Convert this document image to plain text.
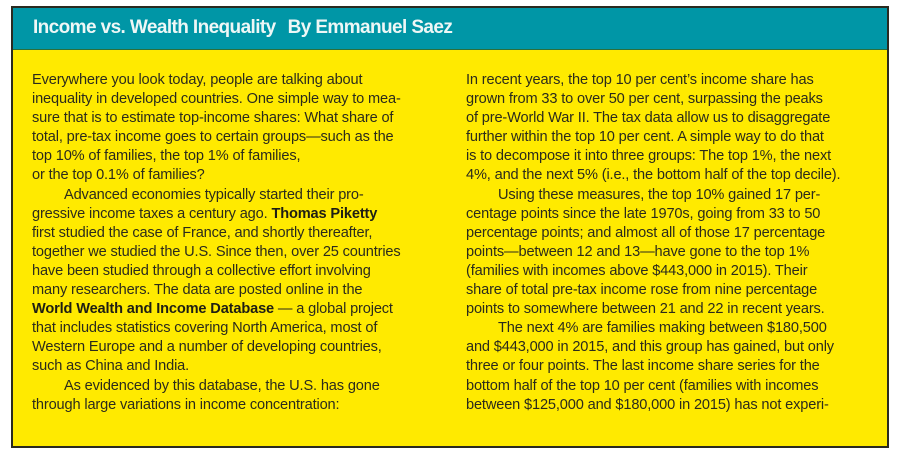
Income vs. Wealth Inequality By Emmanuel Saez
Everywhere you look today, people are talking about
inequality in developed countries. One simple way to mea-
sure that is to estimate top-income shares: What share of
total, pre-tax income goes to certain groups—such as the
top 10% of families, the top 1% of families,
or the top 0.1% of families?
Advanced economies typically started their pro-
gressive income taxes a century ago. Thomas Piketty
first studied the case of France, and shortly thereafter,
together we studied the U.S. Since then, over 25 countries
have been studied through a collective effort involving
many researchers. The data are posted online in the
World Wealth and Income Database — a global project
that includes statistics covering North America, most of
Western Europe and a number of developing countries,
such as China and India.
As evidenced by this database, the U.S. has gone
through large variations in income concentration:
In recent years, the top 10 per cent’s income share has
grown from 33 to over 50 per cent, surpassing the peaks
of pre-World War II. The tax data allow us to disaggregate
further within the top 10 per cent. A simple way to do that
is to decompose it into three groups: The top 1%, the next
4%, and the next 5% (i.e., the bottom half of the top decile).
Using these measures, the top 10% gained 17 per-
centage points since the late 1970s, going from 33 to 50
percentage points; and almost all of those 17 percentage
points—between 12 and 13—have gone to the top 1%
(families with incomes above $443,000 in 2015). Their
share of total pre-tax income rose from nine percentage
points to somewhere between 21 and 22 in recent years.
The next 4% are families making between $180,500
and $443,000 in 2015, and this group has gained, but only
three or four points. The last income share series for the
bottom half of the top 10 per cent (families with incomes
between $125,000 and $180,000 in 2015) has not experi-
